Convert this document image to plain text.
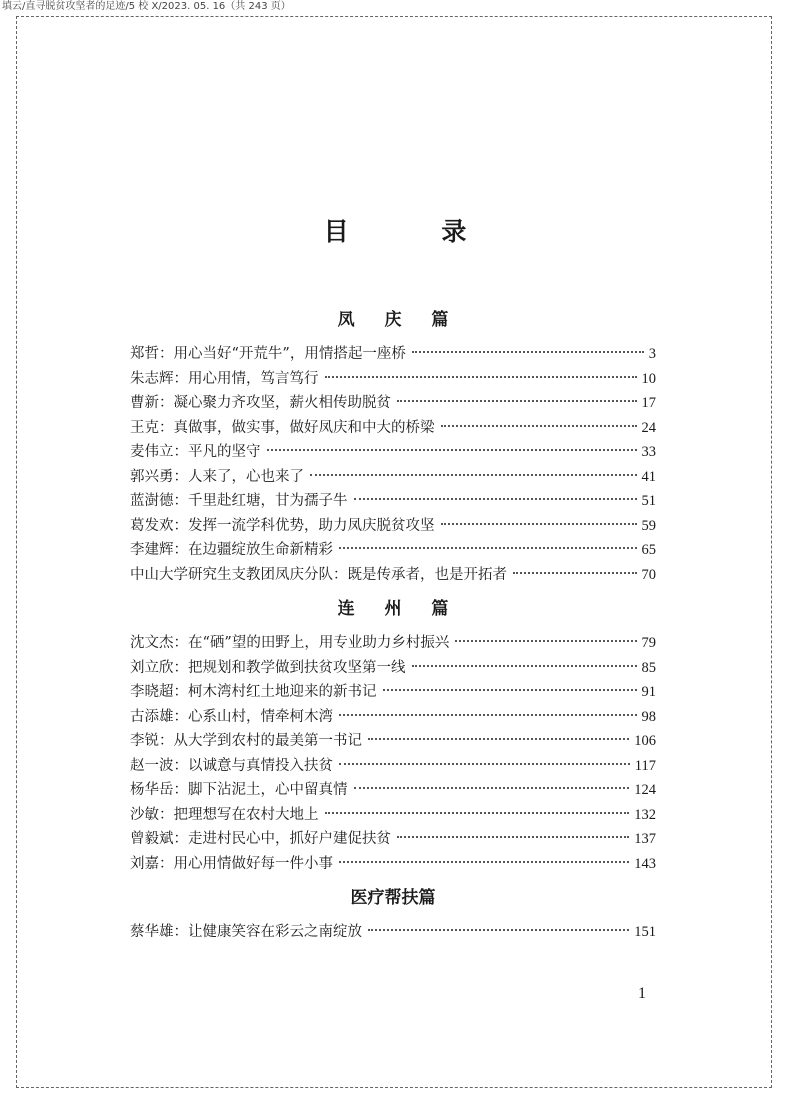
填云/直寻脱贫攻坚者的足迹/5 校 X/2023. 05. 16（共 243 页）
目 录
凤 庆 篇
郑哲 ： 用心当好“开荒牛”，用情搭起一座桥	3
朱志辉 ： 用心用情，笃言笃行	10
曹新 ： 凝心聚力齐攻坚，薪火相传助脱贫	17
王克 ： 真做事，做实事，做好凤庆和中大的桥梁	24
麦伟立 ： 平凡的坚守	33
郭兴勇 ： 人来了，心也来了	41
蓝澍德 ： 千里赴红塘，甘为孺子牛	51
葛发欢 ： 发挥一流学科优势，助力凤庆脱贫攻坚	59
李建辉 ： 在边疆绽放生命新精彩	65
中山大学研究生支教团凤庆分队 ： 既是传承者，也是开拓者	70
连 州 篇
沈文杰 ： 在“硒”望的田野上，用专业助力乡村振兴	79
刘立欣 ： 把规划和教学做到扶贫攻坚第一线	85
李晓超 ： 柯木湾村红土地迎来的新书记	91
古添雄 ： 心系山村，情牵柯木湾	98
李锐 ： 从大学到农村的最美第一书记	106
赵一波 ： 以诚意与真情投入扶贫	117
杨华岳 ： 脚下沾泥土，心中留真情	124
沙敏 ： 把理想写在农村大地上	132
曾毅斌 ： 走进村民心中，抓好户建促扶贫	137
刘嘉 ： 用心用情做好每一件小事	143
医疗帮扶篇
蔡华雄 ： 让健康笑容在彩云之南绽放	151
1
